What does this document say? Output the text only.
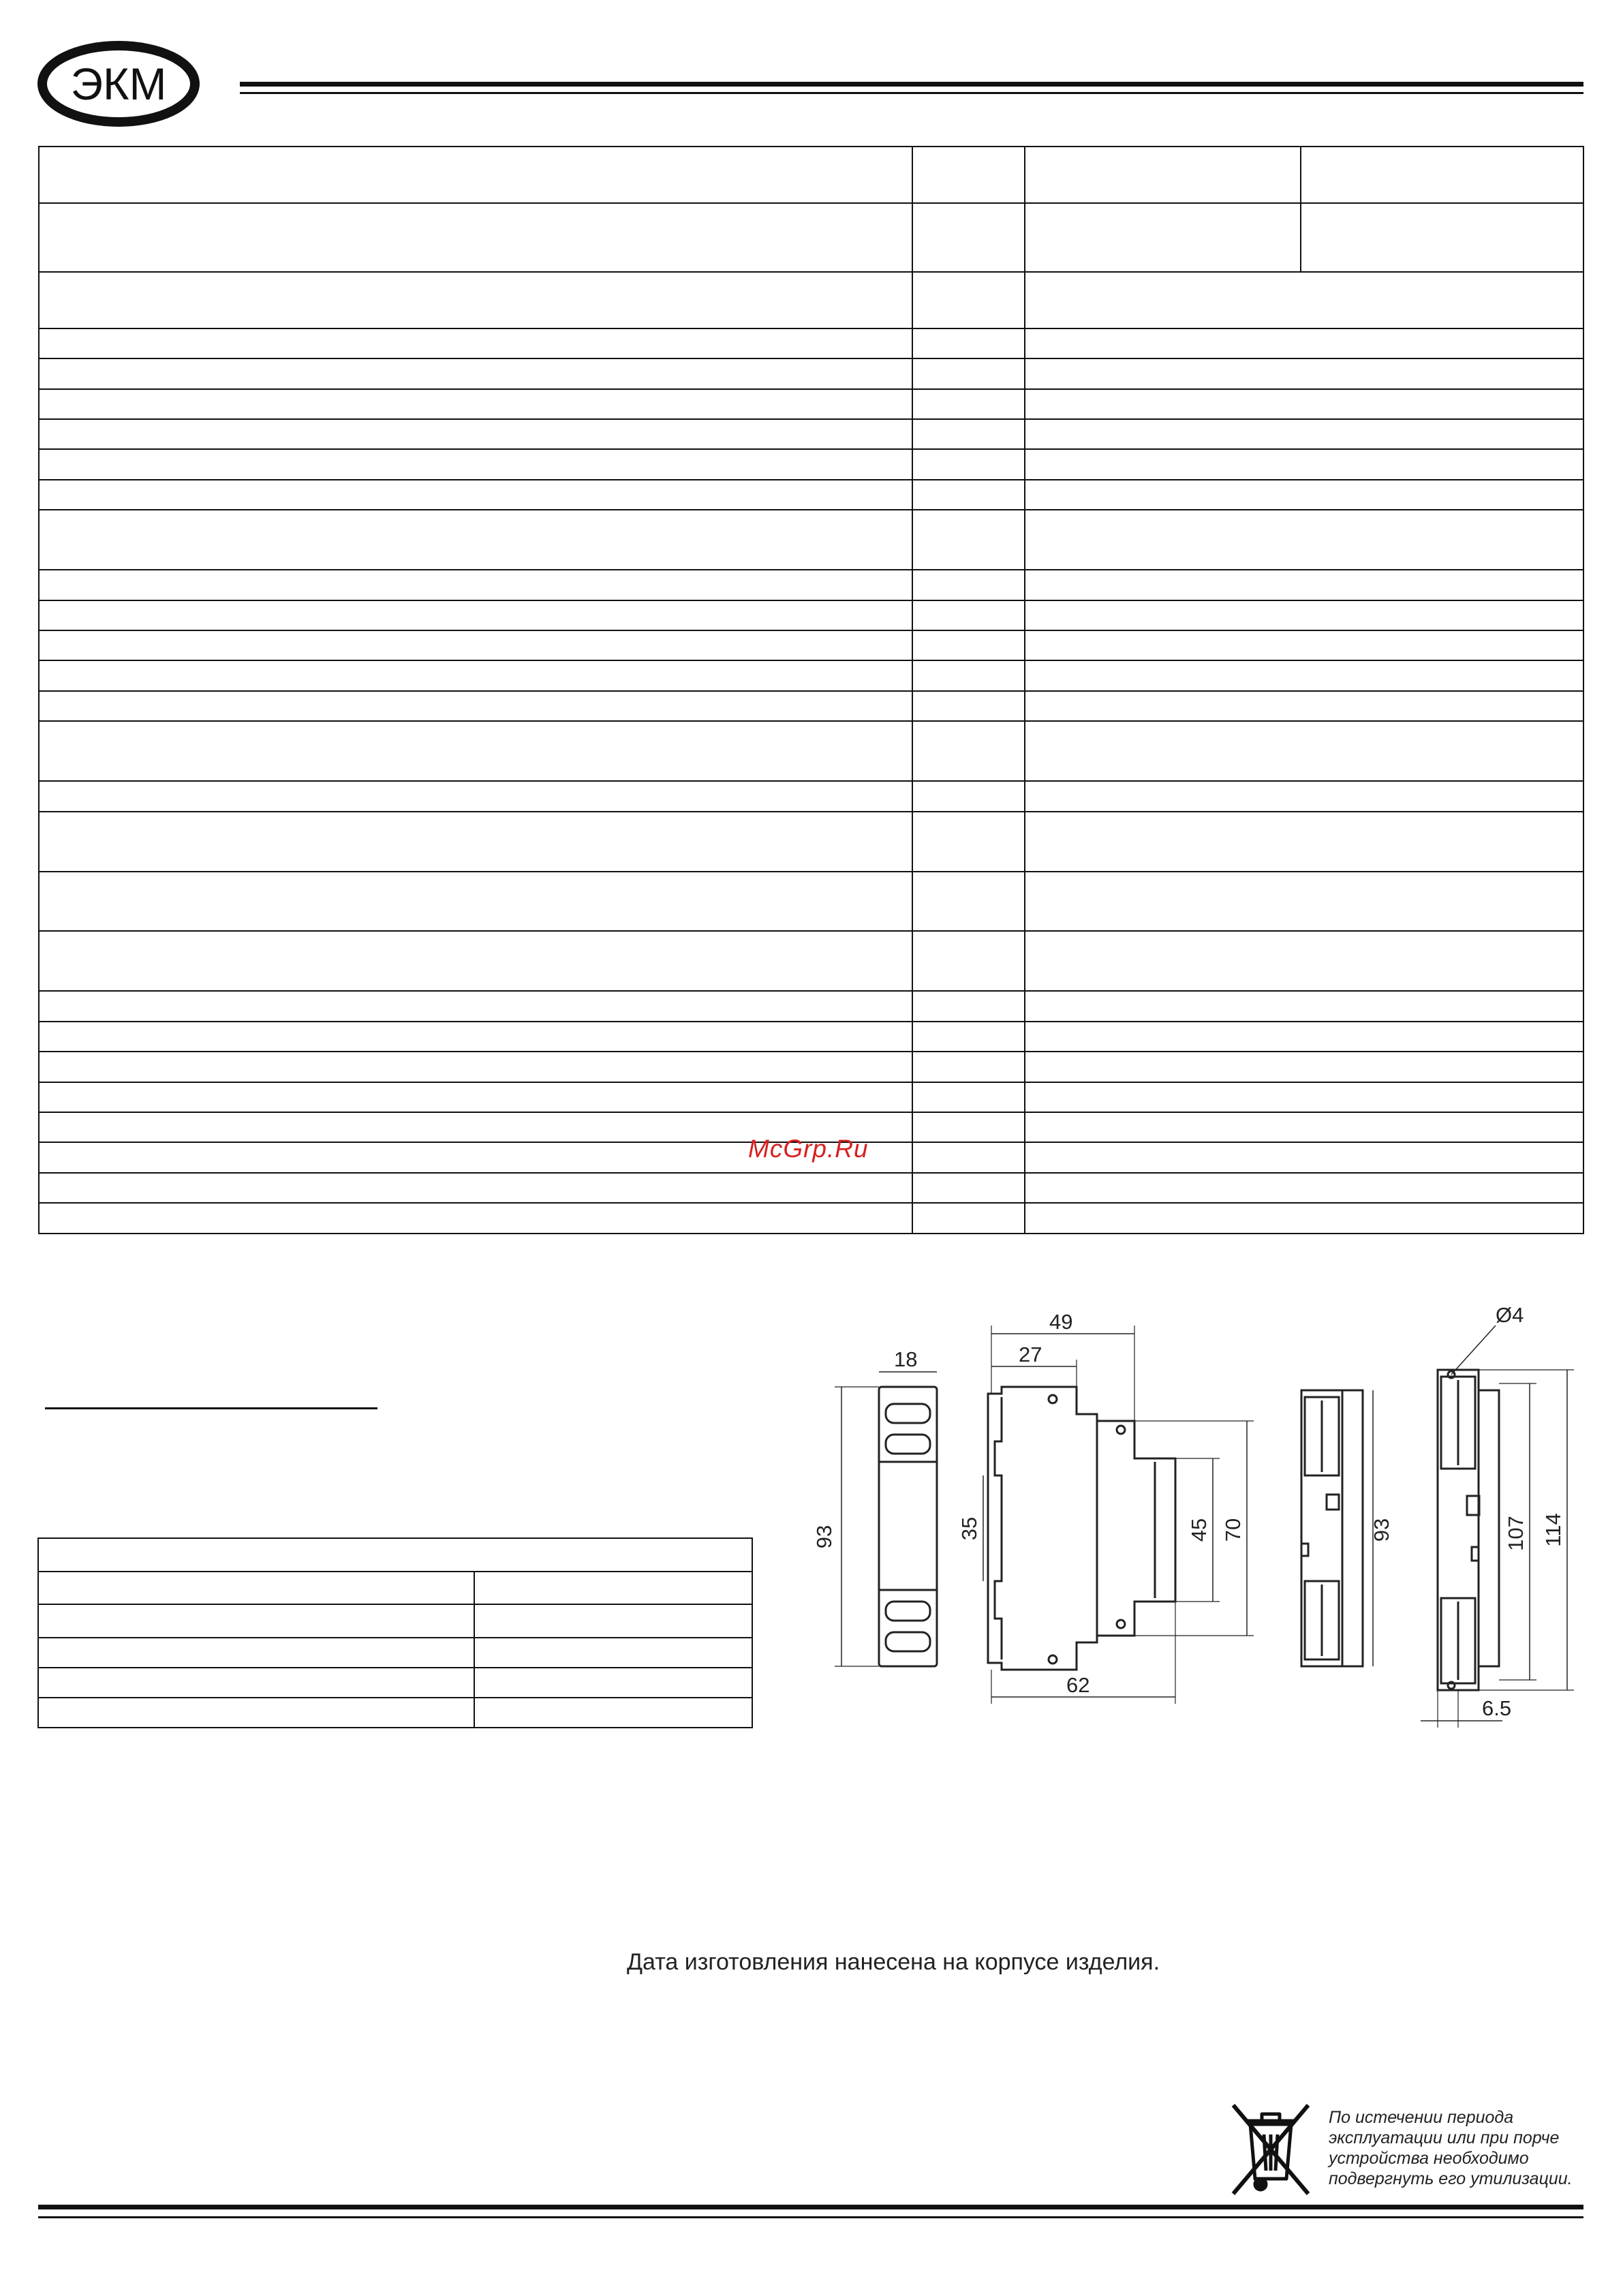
ЭКМ

McGrp.Ru

18
93
49
27
35	45 70
62
93
Ø4
107 114
6.5
Дата изготовления нанесена на корпусе изделия.
По истечении периода
эксплуатации или при порче
устройства необходимо
подвергнуть его утилизации.
